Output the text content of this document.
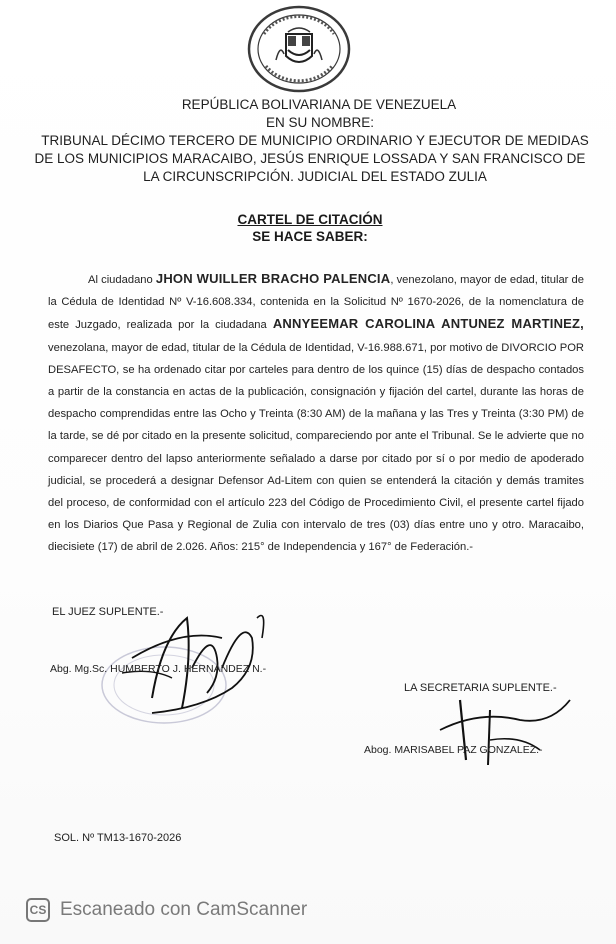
REPÚBLICA BOLIVARIANA DE VENEZUELA
EN SU NOMBRE:
TRIBUNAL DÉCIMO TERCERO DE MUNICIPIO ORDINARIO Y EJECUTOR DE MEDIDAS
DE LOS MUNICIPIOS MARACAIBO, JESÚS ENRIQUE LOSSADA Y SAN FRANCISCO DE
LA CIRCUNSCRIPCIÓN. JUDICIAL DEL ESTADO ZULIA
CARTEL DE CITACIÓN
SE HACE SABER:
Al ciudadano JHON WUILLER BRACHO PALENCIA, venezolano, mayor de edad, titular de la Cédula de Identidad Nº V-16.608.334, contenida en la Solicitud Nº 1670-2026, de la nomenclatura de este Juzgado, realizada por la ciudadana ANNYEEMAR CAROLINA ANTUNEZ MARTINEZ, venezolana, mayor de edad, titular de la Cédula de Identidad, V-16.988.671, por motivo de DIVORCIO POR DESAFECTO, se ha ordenado citar por carteles para dentro de los quince (15) días de despacho contados a partir de la constancia en actas de la publicación, consignación y fijación del cartel, durante las horas de despacho comprendidas entre las Ocho y Treinta (8:30 AM) de la mañana y las Tres y Treinta (3:30 PM) de la tarde, se dé por citado en la presente solicitud, compareciendo por ante el Tribunal. Se le advierte que no comparecer dentro del lapso anteriormente señalado a darse por citado por sí o por medio de apoderado judicial, se procederá a designar Defensor Ad-Litem con quien se entenderá la citación y demás tramites del proceso, de conformidad con el artículo 223 del Código de Procedimiento Civil, el presente cartel fijado en los Diarios Que Pasa y Regional de Zulia con intervalo de tres (03) días entre uno y otro. Maracaibo, diecisiete (17) de abril de 2.026. Años: 215° de Independencia y 167° de Federación.-
EL JUEZ SUPLENTE.-
Abg. Mg.Sc. HUMBERTO J. HERNANDEZ N.-
LA SECRETARIA SUPLENTE.-
Abog. MARISABEL PAZ GONZALEZ.-
SOL. Nº TM13-1670-2026
CS Escaneado con CamScanner
